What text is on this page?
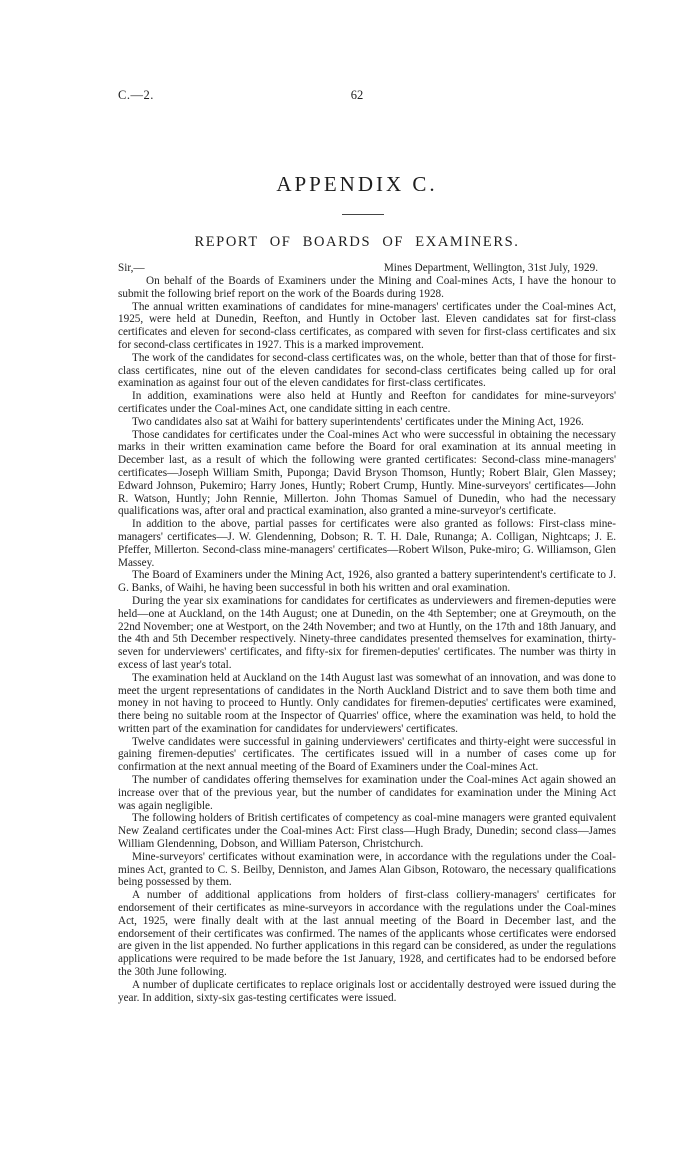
C.—2.	62
APPENDIX C.
REPORT OF BOARDS OF EXAMINERS.
Sir,—	Mines Department, Wellington, 31st July, 1929.

On behalf of the Boards of Examiners under the Mining and Coal-mines Acts, I have the honour to submit the following brief report on the work of the Boards during 1928.

The annual written examinations of candidates for mine-managers' certificates under the Coal-mines Act, 1925, were held at Dunedin, Reefton, and Huntly in October last. Eleven candidates sat for first-class certificates and eleven for second-class certificates, as compared with seven for first-class certificates and six for second-class certificates in 1927. This is a marked improvement.

The work of the candidates for second-class certificates was, on the whole, better than that of those for first-class certificates, nine out of the eleven candidates for second-class certificates being called up for oral examination as against four out of the eleven candidates for first-class certificates.

In addition, examinations were also held at Huntly and Reefton for candidates for mine-surveyors' certificates under the Coal-mines Act, one candidate sitting in each centre.

Two candidates also sat at Waihi for battery superintendents' certificates under the Mining Act, 1926.

Those candidates for certificates under the Coal-mines Act who were successful in obtaining the necessary marks in their written examination came before the Board for oral examination at its annual meeting in December last, as a result of which the following were granted certificates: Second-class mine-managers' certificates—Joseph William Smith, Puponga; David Bryson Thomson, Huntly; Robert Blair, Glen Massey; Edward Johnson, Pukemiro; Harry Jones, Huntly; Robert Crump, Huntly. Mine-surveyors' certificates—John R. Watson, Huntly; John Rennie, Millerton. John Thomas Samuel of Dunedin, who had the necessary qualifications was, after oral and practical examination, also granted a mine-surveyor's certificate.

In addition to the above, partial passes for certificates were also granted as follows: First-class mine-managers' certificates—J. W. Glendenning, Dobson; R. T. H. Dale, Runanga; A. Colligan, Nightcaps; J. E. Pfeffer, Millerton. Second-class mine-managers' certificates—Robert Wilson, Puke-miro; G. Williamson, Glen Massey.

The Board of Examiners under the Mining Act, 1926, also granted a battery superintendent's certificate to J. G. Banks, of Waihi, he having been successful in both his written and oral examination.

During the year six examinations for candidates for certificates as underviewers and firemen-deputies were held—one at Auckland, on the 14th August; one at Dunedin, on the 4th September; one at Greymouth, on the 22nd November; one at Westport, on the 24th November; and two at Huntly, on the 17th and 18th January, and the 4th and 5th December respectively. Ninety-three candidates presented themselves for examination, thirty-seven for underviewers' certificates, and fifty-six for firemen-deputies' certificates. The number was thirty in excess of last year's total.

The examination held at Auckland on the 14th August last was somewhat of an innovation, and was done to meet the urgent representations of candidates in the North Auckland District and to save them both time and money in not having to proceed to Huntly. Only candidates for firemen-deputies' certificates were examined, there being no suitable room at the Inspector of Quarries' office, where the examination was held, to hold the written part of the examination for candidates for underviewers' certificates.

Twelve candidates were successful in gaining underviewers' certificates and thirty-eight were successful in gaining firemen-deputies' certificates. The certificates issued will in a number of cases come up for confirmation at the next annual meeting of the Board of Examiners under the Coal-mines Act.

The number of candidates offering themselves for examination under the Coal-mines Act again showed an increase over that of the previous year, but the number of candidates for examination under the Mining Act was again negligible.

The following holders of British certificates of competency as coal-mine managers were granted equivalent New Zealand certificates under the Coal-mines Act: First class—Hugh Brady, Dunedin; second class—James William Glendenning, Dobson, and William Paterson, Christchurch.

Mine-surveyors' certificates without examination were, in accordance with the regulations under the Coal-mines Act, granted to C. S. Beilby, Denniston, and James Alan Gibson, Rotowaro, the necessary qualifications being possessed by them.

A number of additional applications from holders of first-class colliery-managers' certificates for endorsement of their certificates as mine-surveyors in accordance with the regulations under the Coal-mines Act, 1925, were finally dealt with at the last annual meeting of the Board in December last, and the endorsement of their certificates was confirmed. The names of the applicants whose certificates were endorsed are given in the list appended. No further applications in this regard can be considered, as under the regulations applications were required to be made before the 1st January, 1928, and certificates had to be endorsed before the 30th June following.

A number of duplicate certificates to replace originals lost or accidentally destroyed were issued during the year. In addition, sixty-six gas-testing certificates were issued.
